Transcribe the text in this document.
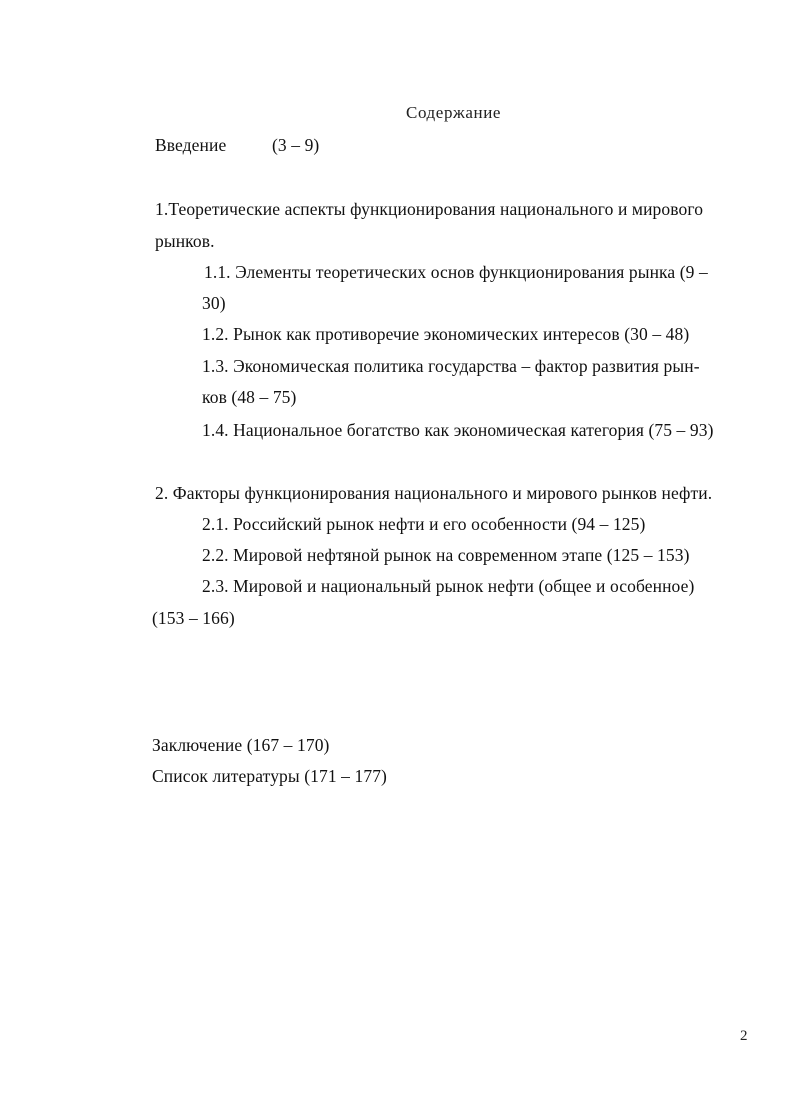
Содержание
Введение	(3 – 9)
1.Теоретические аспекты функционирования национального и мирового
рынков.
1.1. Элементы теоретических основ функционирования рынка (9 –
30)
1.2. Рынок как противоречие экономических интересов (30 – 48)
1.3. Экономическая политика государства – фактор развития рын-
ков (48 – 75)
1.4. Национальное богатство как экономическая категория (75 – 93)
2. Факторы функционирования национального и мирового рынков нефти.
2.1. Российский рынок нефти и его особенности (94 – 125)
2.2. Мировой нефтяной рынок на современном этапе (125 – 153)
2.3. Мировой и национальный рынок нефти (общее и особенное)
(153 – 166)
Заключение (167 – 170)
Список литературы (171 – 177)
2
